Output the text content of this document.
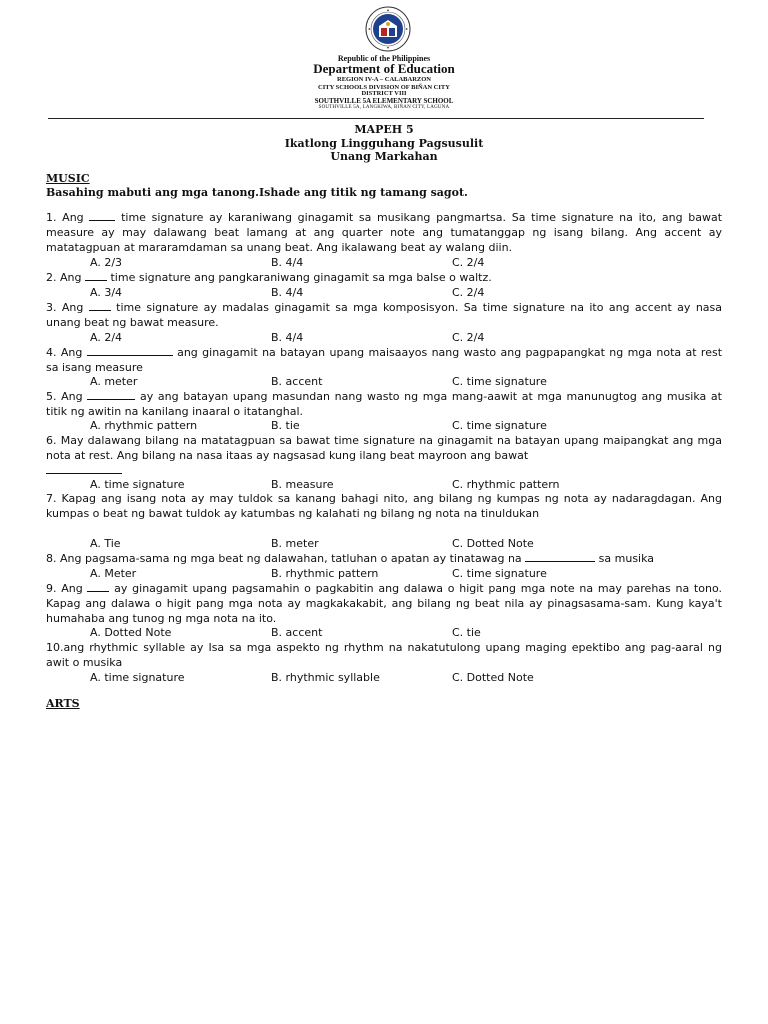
Republic of the Philippines
Department of Education
REGION IV-A – CALABARZON
CITY SCHOOLS DIVISION OF BIÑAN CITY
DISTRICT VIII
SOUTHVILLE 5A ELEMENTARY SCHOOL
SOUTHVILLE 5A, LANGKIWA, BIÑAN CITY, LAGUNA
MAPEH 5
Ikatlong Lingguhang Pagsusulit
Unang Markahan
MUSIC
Basahing mabuti ang mga tanong.Ishade ang titik ng tamang sagot.

1. Ang	time signature ay karaniwang ginagamit sa musikang pangmartsa. Sa time signature na ito, ang bawat measure ay may dalawang beat lamang at ang quarter note ang tumatanggap ng isang bilang. Ang accent ay matatagpuan at mararamdaman sa unang beat. Ang ikalawang beat ay walang diin.

A. 2/3	B. 4/4	C. 2/4

2. Ang	time signature ang pangkaraniwang ginagamit sa mga balse o waltz.

A. 3/4	B. 4/4	C. 2/4

3. Ang	time signature ay madalas ginagamit sa mga komposisyon. Sa time signature na ito ang accent ay nasa unang beat ng bawat measure.

A. 2/4	B. 4/4	C. 2/4

4. Ang	ang ginagamit na batayan upang maisaayos nang wasto ang pagpapangkat ng mga nota at rest sa isang measure

A. meter	B. accent	C. time signature

5. Ang	ay ang batayan upang masundan nang wasto ng mga mang-aawit at mga manunugtog ang musika at titik ng awitin na kanilang inaaral o itatanghal.

A. rhythmic pattern	B. tie	C. time signature

6. May dalawang bilang na matatagpuan sa bawat time signature na ginagamit na batayan upang maipangkat ang mga nota at rest. Ang bilang na nasa itaas ay nagsasad kung ilang beat mayroon ang bawat

A. time signature	B. measure	C. rhythmic pattern

7. Kapag ang isang nota ay may tuldok sa kanang bahagi nito, ang bilang ng kumpas ng nota ay nadaragdagan. Ang kumpas o beat ng bawat tuldok ay katumbas ng kalahati ng bilang ng nota na tinuldukan

A. Tie	B. meter	C. Dotted Note

8. Ang pagsama-sama ng mga beat ng dalawahan, tatluhan o apatan ay tinatawag na	sa musika

A. Meter	B. rhythmic pattern	C. time signature

9. Ang	ay ginagamit upang pagsamahin o pagkabitin ang dalawa o higit pang mga note na may parehas na tono. Kapag ang dalawa o higit pang mga nota ay magkakakabit, ang bilang ng beat nila ay pinagsasama-sam. Kung kaya't humahaba ang tunog ng mga nota na ito.

A. Dotted Note	B. accent	C. tie

10.ang rhythmic syllable ay Isa sa mga aspekto ng rhythm na nakatutulong upang maging epektibo ang pag-aaral ng awit o musika

A. time signature	B. rhythmic syllable	C. Dotted Note
ARTS
